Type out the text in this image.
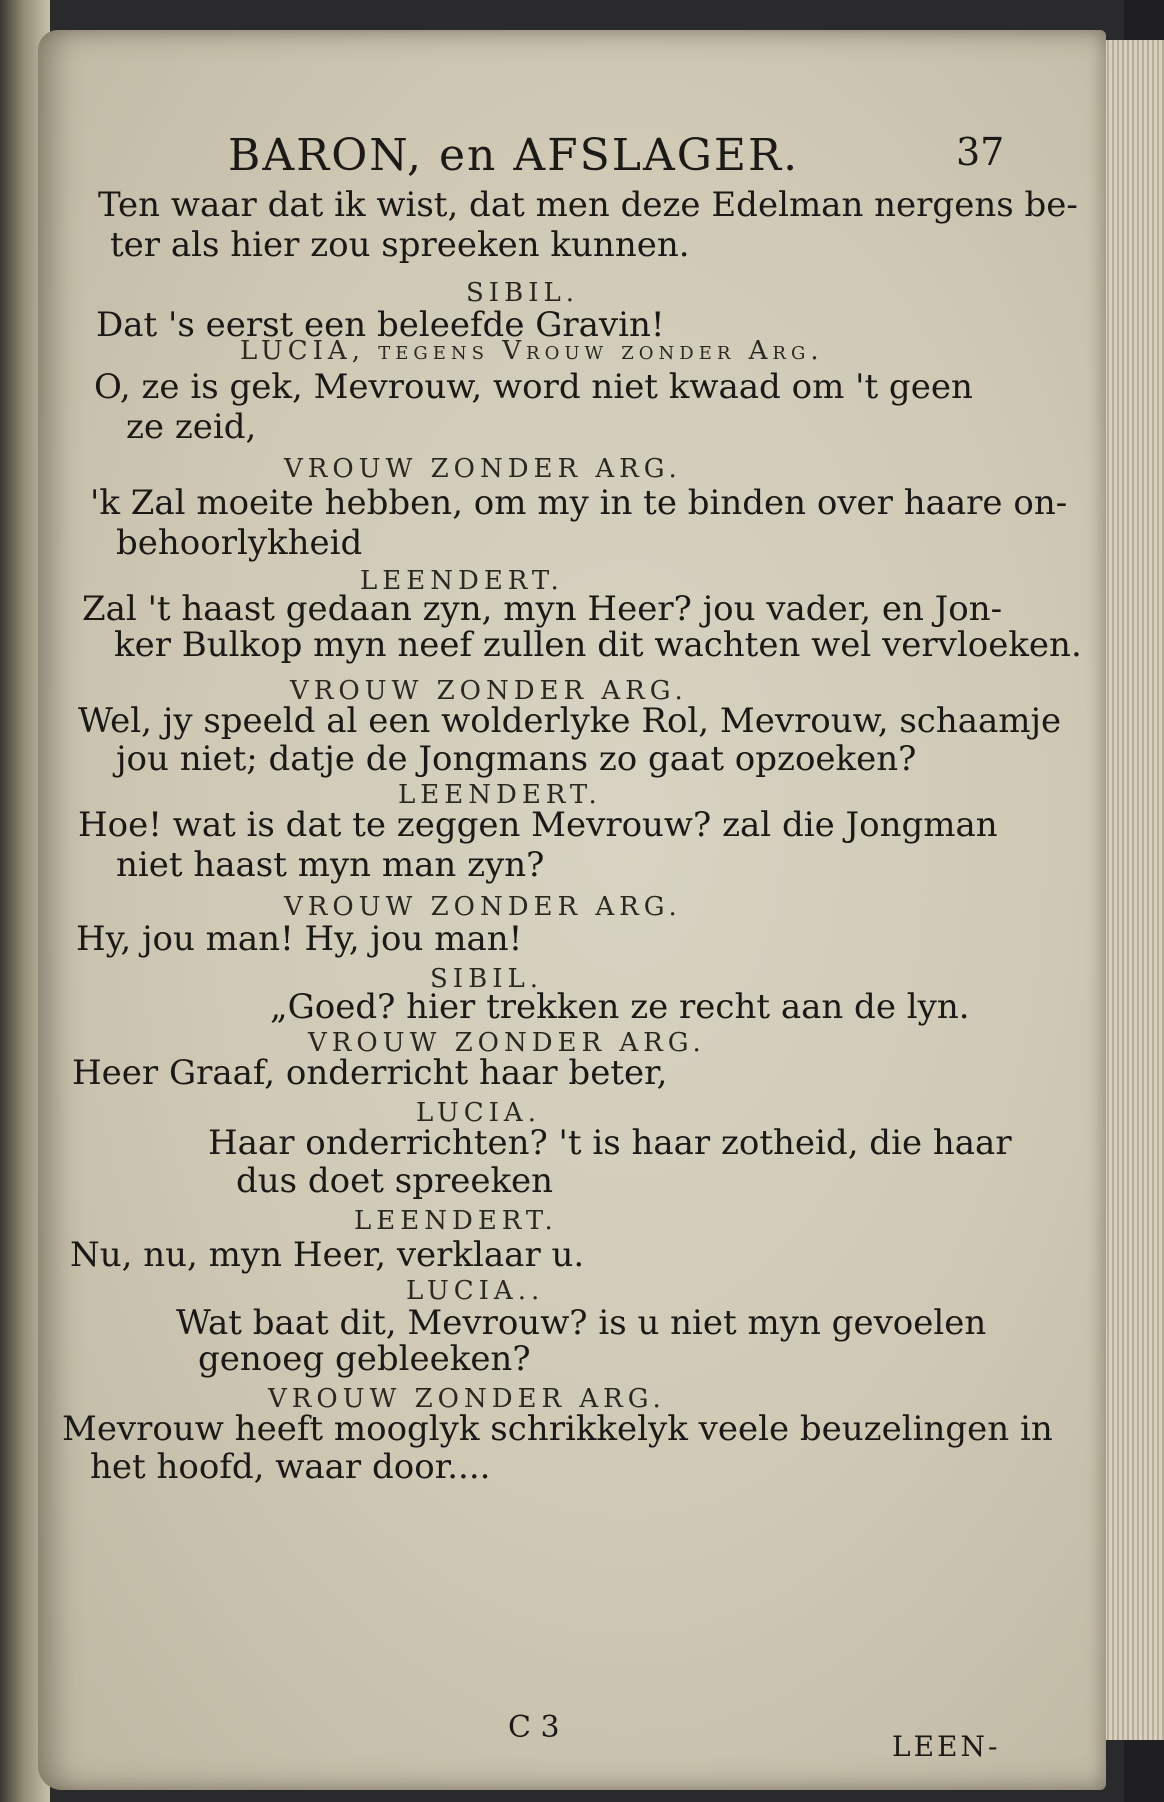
BARON, en AFSLAGER.	37
Ten waar dat ik wist, dat men deze Edelman nergens be-
ter als hier zou spreeken kunnen.
SIBIL.
Dat 's eerst een beleefde Gravin!
LUCIA, tegens Vrouw zonder Arg.
O, ze is gek, Mevrouw, word niet kwaad om 't geen
ze zeid,
VROUW ZONDER ARG.
'k Zal moeite hebben, om my in te binden over haare on-
behoorlykheid
LEENDERT.
Zal 't haast gedaan zyn, myn Heer? jou vader, en Jon-
ker Bulkop myn neef zullen dit wachten wel vervloeken.
VROUW ZONDER ARG.
Wel, jy speeld al een wolderlyke Rol, Mevrouw, schaamje
jou niet; datje de Jongmans zo gaat opzoeken?
LEENDERT.
Hoe! wat is dat te zeggen Mevrouw? zal die Jongman
niet haast myn man zyn?
VROUW ZONDER ARG.
Hy, jou man! Hy, jou man!
SIBIL.
„Goed? hier trekken ze recht aan de lyn.
VROUW ZONDER ARG.
Heer Graaf, onderricht haar beter,
LUCIA.
Haar onderrichten? 't is haar zotheid, die haar
dus doet spreeken
LEENDERT.
Nu, nu, myn Heer, verklaar u.
LUCIA..
Wat baat dit, Mevrouw? is u niet myn gevoelen
genoeg gebleeken?
VROUW ZONDER ARG.
Mevrouw heeft mooglyk schrikkelyk veele beuzelingen in
het hoofd, waar door....
C 3
LEEN-
